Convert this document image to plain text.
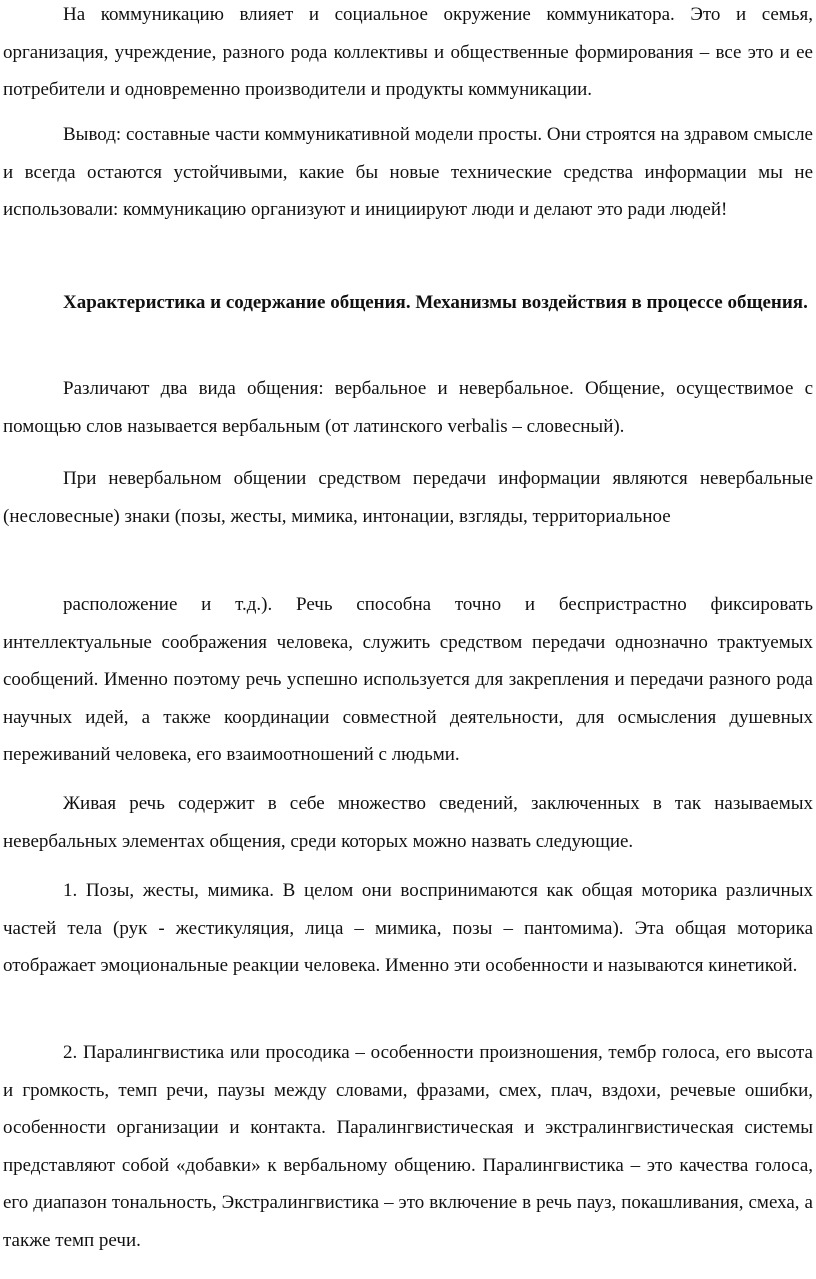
На коммуникацию влияет и социальное окружение коммуникатора. Это и семья, организация, учреждение, разного рода коллективы и общественные формирования – все это и ее потребители и одновременно производители и продукты коммуникации.

Вывод: составные части коммуникативной модели просты. Они строятся на здравом смысле и всегда остаются устойчивыми, какие бы новые технические средства информации мы не использовали: коммуникацию организуют и инициируют люди и делают это ради людей!

Характеристика и содержание общения. Механизмы воздействия в процессе общения.

Различают два вида общения: вербальное и невербальное. Общение, осуществимое с помощью слов называется вербальным (от латинского verbalis – словесный).

При невербальном общении средством передачи информации являются невербальные (несловесные) знаки (позы, жесты, мимика, интонации, взгляды, территориальное

расположение и т.д.). Речь способна точно и беспристрастно фиксировать интеллектуальные соображения человека, служить средством передачи однозначно трактуемых сообщений. Именно поэтому речь успешно используется для закрепления и передачи разного рода научных идей, а также координации совместной деятельности, для осмысления душевных переживаний человека, его взаимоотношений с людьми.

Живая речь содержит в себе множество сведений, заключенных в так называемых невербальных элементах общения, среди которых можно назвать следующие.

1. Позы, жесты, мимика. В целом они воспринимаются как общая моторика различных частей тела (рук - жестикуляция, лица – мимика, позы – пантомима). Эта общая моторика отображает эмоциональные реакции человека. Именно эти особенности и называются кинетикой.

2. Паралингвистика или просодика – особенности произношения, тембр голоса, его высота и громкость, темп речи, паузы между словами, фразами, смех, плач, вздохи, речевые ошибки, особенности организации и контакта. Паралингвистическая и экстралингвистическая системы представляют собой «добавки» к вербальному общению. Паралингвистика – это качества голоса, его диапазон тональность, Экстралингвистика – это включение в речь пауз, покашливания, смеха, а также темп речи.
